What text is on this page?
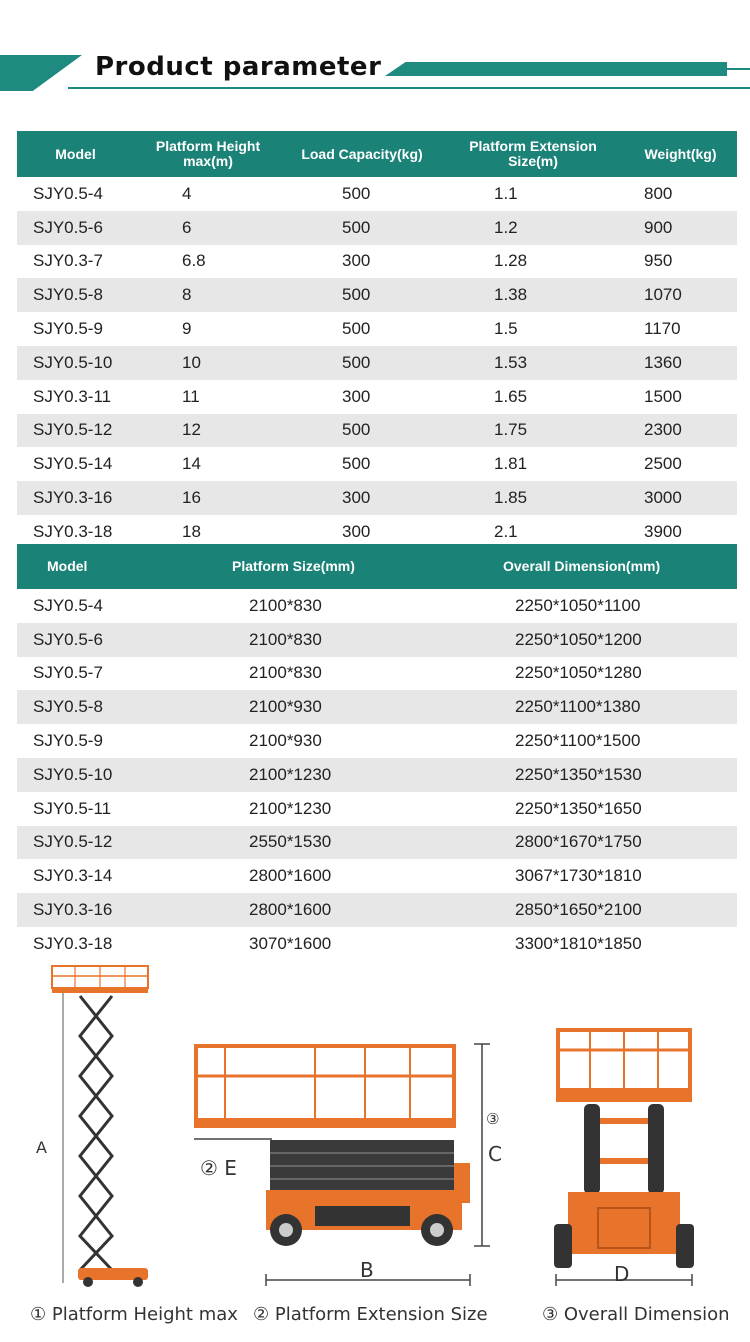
Product parameter
Model	Platform Height max(m)	Load Capacity(kg)	Platform Extension Size(m)	Weight(kg)
SJY0.5-4	4	500	1.1	800
SJY0.5-6	6	500	1.2	900
SJY0.3-7	6.8	300	1.28	950
SJY0.5-8	8	500	1.38	1070
SJY0.5-9	9	500	1.5	1170
SJY0.5-10	10	500	1.53	1360
SJY0.3-11	11	300	1.65	1500
SJY0.5-12	12	500	1.75	2300
SJY0.5-14	14	500	1.81	2500
SJY0.3-16	16	300	1.85	3000
SJY0.3-18	18	300	2.1	3900
Model	Platform Size(mm)	Overall Dimension(mm)
SJY0.5-4	2100*830	2250*1050*1100
SJY0.5-6	2100*830	2250*1050*1200
SJY0.5-7	2100*830	2250*1050*1280
SJY0.5-8	2100*930	2250*1100*1380
SJY0.5-9	2100*930	2250*1100*1500
SJY0.5-10	2100*1230	2250*1350*1530
SJY0.5-11	2100*1230	2250*1350*1650
SJY0.5-12	2550*1530	2800*1670*1750
SJY0.3-14	2800*1600	3067*1730*1810
SJY0.3-16	2800*1600	2850*1650*2100
SJY0.3-18	3070*1600	3300*1810*1850
A
B
C
③
② E
D
① Platform Height max ② Platform Extension Size	③ Overall Dimension
